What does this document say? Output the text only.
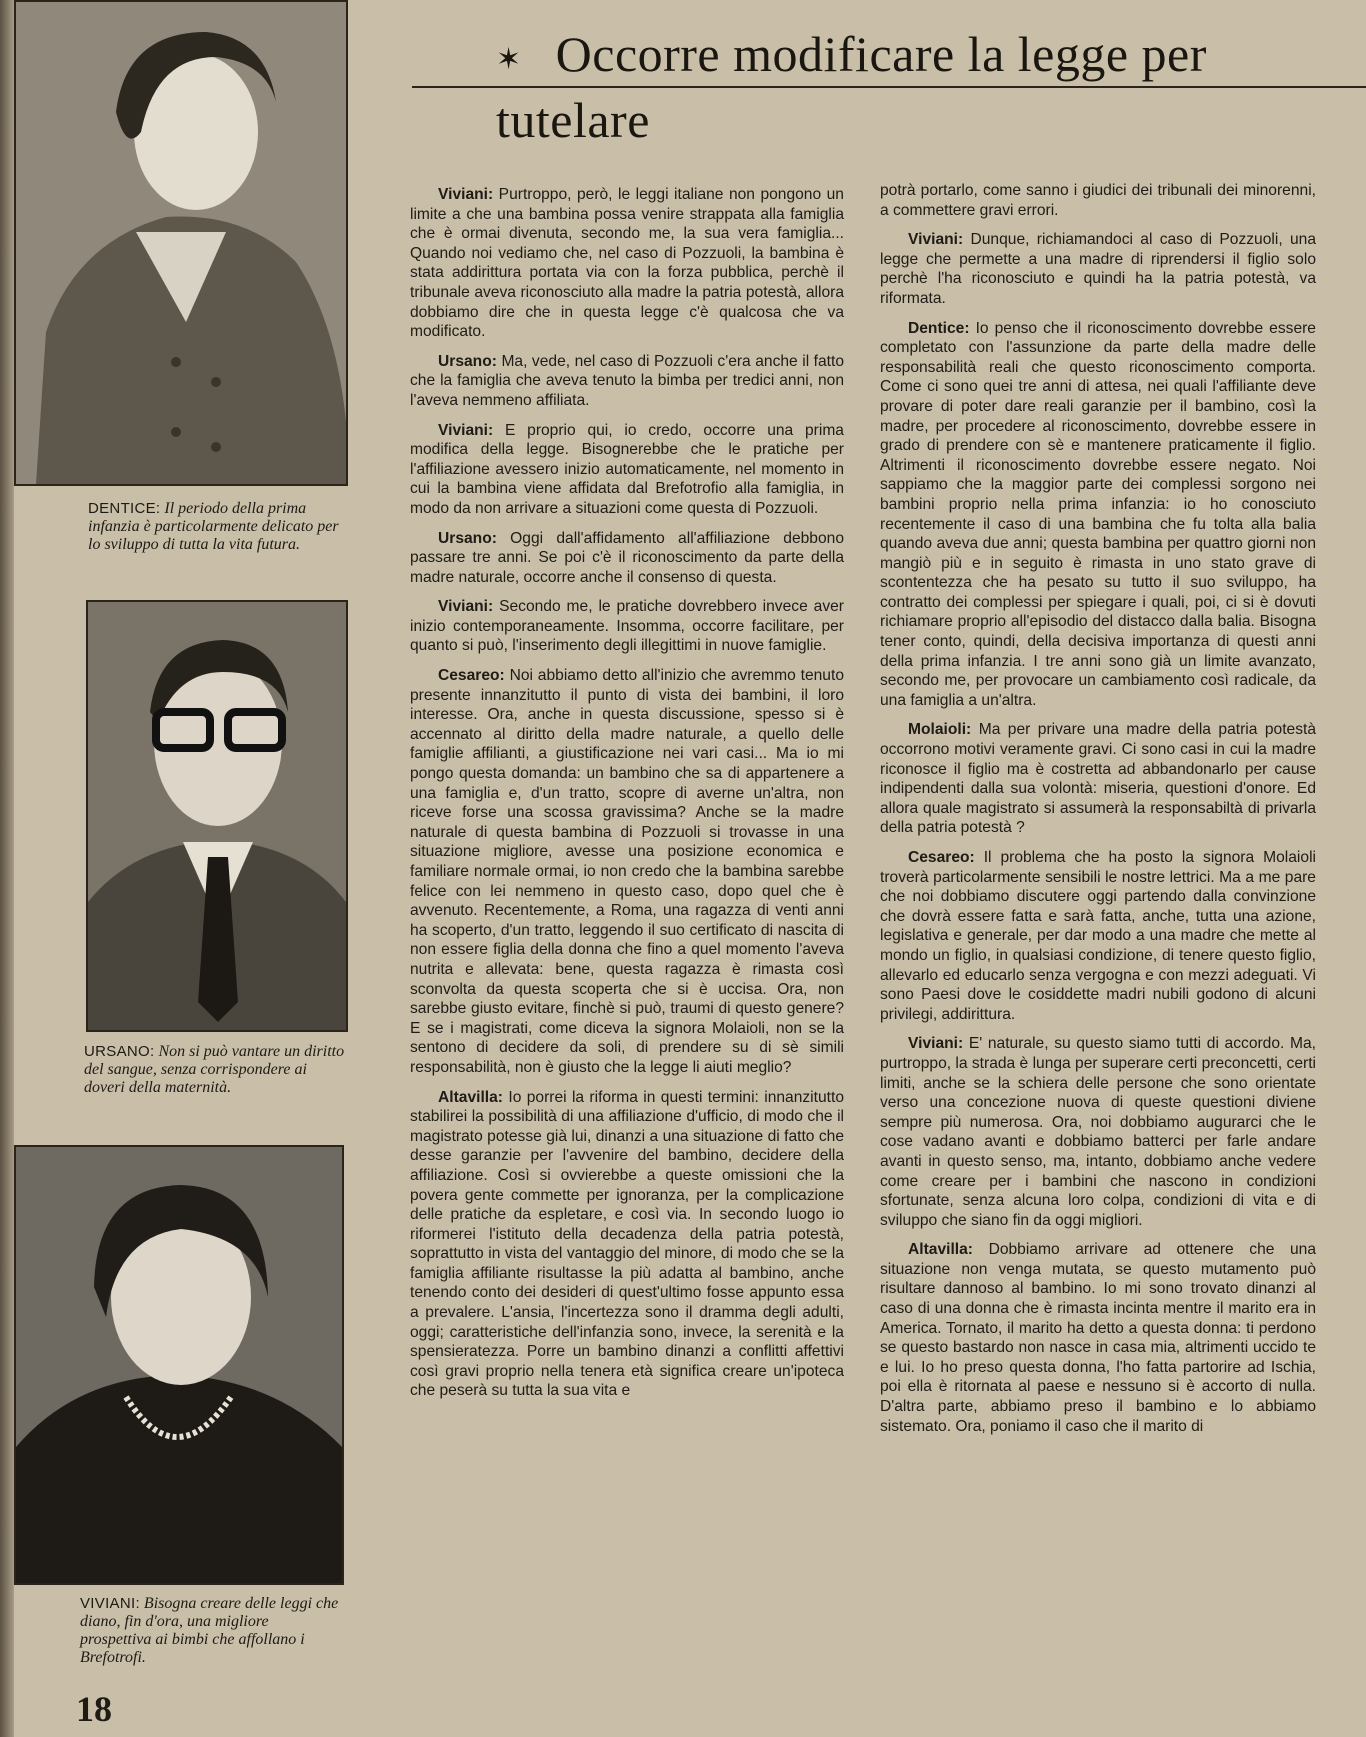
✶ Occorre modificare la legge per tutelare
DENTICE: Il periodo della prima infanzia è particolarmente delicato per lo sviluppo di tutta la vita futura.
URSANO: Non si può vantare un diritto del sangue, senza corrispondere ai doveri della maternità.
VIVIANI: Bisogna creare delle leggi che diano, fin d'ora, una migliore prospettiva ai bimbi che affollano i Brefotrofi.

Viviani: Purtroppo, però, le leggi italiane non pongono un limite a che una bambina possa venire strappata alla famiglia che è ormai divenuta, secondo me, la sua vera famiglia... Quando noi vediamo che, nel caso di Pozzuoli, la bambina è stata addirittura portata via con la forza pubblica, perchè il tribunale aveva riconosciuto alla madre la patria potestà, allora dobbiamo dire che in questa legge c'è qualcosa che va modificato.

Ursano: Ma, vede, nel caso di Pozzuoli c'era anche il fatto che la famiglia che aveva tenuto la bimba per tredici anni, non l'aveva nemmeno affiliata.

Viviani: E proprio qui, io credo, occorre una prima modifica della legge. Bisognerebbe che le pratiche per l'affiliazione avessero inizio automaticamente, nel momento in cui la bambina viene affidata dal Brefotrofio alla famiglia, in modo da non arrivare a situazioni come questa di Pozzuoli.

Ursano: Oggi dall'affidamento all'affiliazione debbono passare tre anni. Se poi c'è il riconoscimento da parte della madre naturale, occorre anche il consenso di questa.

Viviani: Secondo me, le pratiche dovrebbero invece aver inizio contemporaneamente. Insomma, occorre facilitare, per quanto si può, l'inserimento degli illegittimi in nuove famiglie.

Cesareo: Noi abbiamo detto all'inizio che avremmo tenuto presente innanzitutto il punto di vista dei bambini, il loro interesse. Ora, anche in questa discussione, spesso si è accennato al diritto della madre naturale, a quello delle famiglie affilianti, a giustificazione nei vari casi... Ma io mi pongo questa domanda: un bambino che sa di appartenere a una famiglia e, d'un tratto, scopre di averne un'altra, non riceve forse una scossa gravissima? Anche se la madre naturale di questa bambina di Pozzuoli si trovasse in una situazione migliore, avesse una posizione economica e familiare normale ormai, io non credo che la bambina sarebbe felice con lei nemmeno in questo caso, dopo quel che è avvenuto. Recentemente, a Roma, una ragazza di venti anni ha scoperto, d'un tratto, leggendo il suo certificato di nascita di non essere figlia della donna che fino a quel momento l'aveva nutrita e allevata: bene, questa ragazza è rimasta così sconvolta da questa scoperta che si è uccisa. Ora, non sarebbe giusto evitare, finchè si può, traumi di questo genere? E se i magistrati, come diceva la signora Molaioli, non se la sentono di decidere da soli, di prendere su di sè simili responsabilità, non è giusto che la legge li aiuti meglio?

Altavilla: Io porrei la riforma in questi termini: innanzitutto stabilirei la possibilità di una affiliazione d'ufficio, di modo che il magistrato potesse già lui, dinanzi a una situazione di fatto che desse garanzie per l'avvenire del bambino, decidere della affiliazione. Così si ovvierebbe a queste omissioni che la povera gente commette per ignoranza, per la complicazione delle pratiche da espletare, e così via. In secondo luogo io riformerei l'istituto della decadenza della patria potestà, soprattutto in vista del vantaggio del minore, di modo che se la famiglia affiliante risultasse la più adatta al bambino, anche tenendo conto dei desideri di quest'ultimo fosse appunto essa a prevalere. L'ansia, l'incertezza sono il dramma degli adulti, oggi; caratteristiche dell'infanzia sono, invece, la serenità e la spensieratezza. Porre un bambino dinanzi a conflitti affettivi così gravi proprio nella tenera età significa creare un'ipoteca che peserà su tutta la sua vita e

potrà portarlo, come sanno i giudici dei tribunali dei minorenni, a commettere gravi errori.

Viviani: Dunque, richiamandoci al caso di Pozzuoli, una legge che permette a una madre di riprendersi il figlio solo perchè l'ha riconosciuto e quindi ha la patria potestà, va riformata.

Dentice: Io penso che il riconoscimento dovrebbe essere completato con l'assunzione da parte della madre delle responsabilità reali che questo riconoscimento comporta. Come ci sono quei tre anni di attesa, nei quali l'affiliante deve provare di poter dare reali garanzie per il bambino, così la madre, per procedere al riconoscimento, dovrebbe essere in grado di prendere con sè e mantenere praticamente il figlio. Altrimenti il riconoscimento dovrebbe essere negato. Noi sappiamo che la maggior parte dei complessi sorgono nei bambini proprio nella prima infanzia: io ho conosciuto recentemente il caso di una bambina che fu tolta alla balia quando aveva due anni; questa bambina per quattro giorni non mangiò più e in seguito è rimasta in uno stato grave di scontentezza che ha pesato su tutto il suo sviluppo, ha contratto dei complessi per spiegare i quali, poi, ci si è dovuti richiamare proprio all'episodio del distacco dalla balia. Bisogna tener conto, quindi, della decisiva importanza di questi anni della prima infanzia. I tre anni sono già un limite avanzato, secondo me, per provocare un cambiamento così radicale, da una famiglia a un'altra.

Molaioli: Ma per privare una madre della patria potestà occorrono motivi veramente gravi. Ci sono casi in cui la madre riconosce il figlio ma è costretta ad abbandonarlo per cause indipendenti dalla sua volontà: miseria, questioni d'onore. Ed allora quale magistrato si assumerà la responsabiltà di privarla della patria potestà ?

Cesareo: Il problema che ha posto la signora Molaioli troverà particolarmente sensibili le nostre lettrici. Ma a me pare che noi dobbiamo discutere oggi partendo dalla convinzione che dovrà essere fatta e sarà fatta, anche, tutta una azione, legislativa e generale, per dar modo a una madre che mette al mondo un figlio, in qualsiasi condizione, di tenere questo figlio, allevarlo ed educarlo senza vergogna e con mezzi adeguati. Vi sono Paesi dove le cosiddette madri nubili godono di alcuni privilegi, addirittura.

Viviani: E' naturale, su questo siamo tutti di accordo. Ma, purtroppo, la strada è lunga per superare certi preconcetti, certi limiti, anche se la schiera delle persone che sono orientate verso una concezione nuova di queste questioni diviene sempre più numerosa. Ora, noi dobbiamo augurarci che le cose vadano avanti e dobbiamo batterci per farle andare avanti in questo senso, ma, intanto, dobbiamo anche vedere come creare per i bambini che nascono in condizioni sfortunate, senza alcuna loro colpa, condizioni di vita e di sviluppo che siano fin da oggi migliori.

Altavilla: Dobbiamo arrivare ad ottenere che una situazione non venga mutata, se questo mutamento può risultare dannoso al bambino. Io mi sono trovato dinanzi al caso di una donna che è rimasta incinta mentre il marito era in America. Tornato, il marito ha detto a questa donna: ti perdono se questo bastardo non nasce in casa mia, altrimenti uccido te e lui. Io ho preso questa donna, l'ho fatta partorire ad Ischia, poi ella è ritornata al paese e nessuno si è accorto di nulla. D'altra parte, abbiamo preso il bambino e lo abbiamo sistemato. Ora, poniamo il caso che il marito di

18
